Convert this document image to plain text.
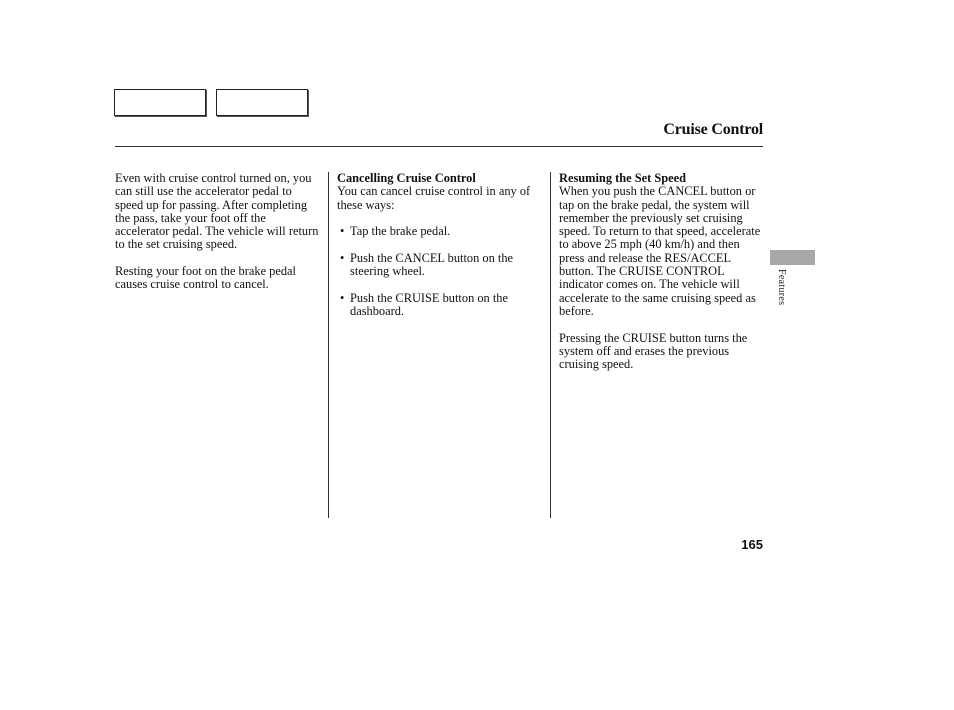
Cruise Control

Even with cruise control turned on, you can still use the accelerator pedal to speed up for passing. After completing the pass, take your foot off the accelerator pedal. The vehicle will return to the set cruising speed.

Resting your foot on the brake pedal causes cruise control to cancel.

Cancelling Cruise Control
You can cancel cruise control in any of these ways:

• Tap the brake pedal.
• Push the CANCEL button on the steering wheel.
• Push the CRUISE button on the dashboard.

Resuming the Set Speed
When you push the CANCEL button or tap on the brake pedal, the system will remember the previously set cruising speed. To return to that speed, accelerate to above 25 mph (40 km/h) and then press and release the RES/ACCEL button. The CRUISE CONTROL indicator comes on. The vehicle will accelerate to the same cruising speed as before.

Pressing the CRUISE button turns the system off and erases the previous cruising speed.

Features
165
